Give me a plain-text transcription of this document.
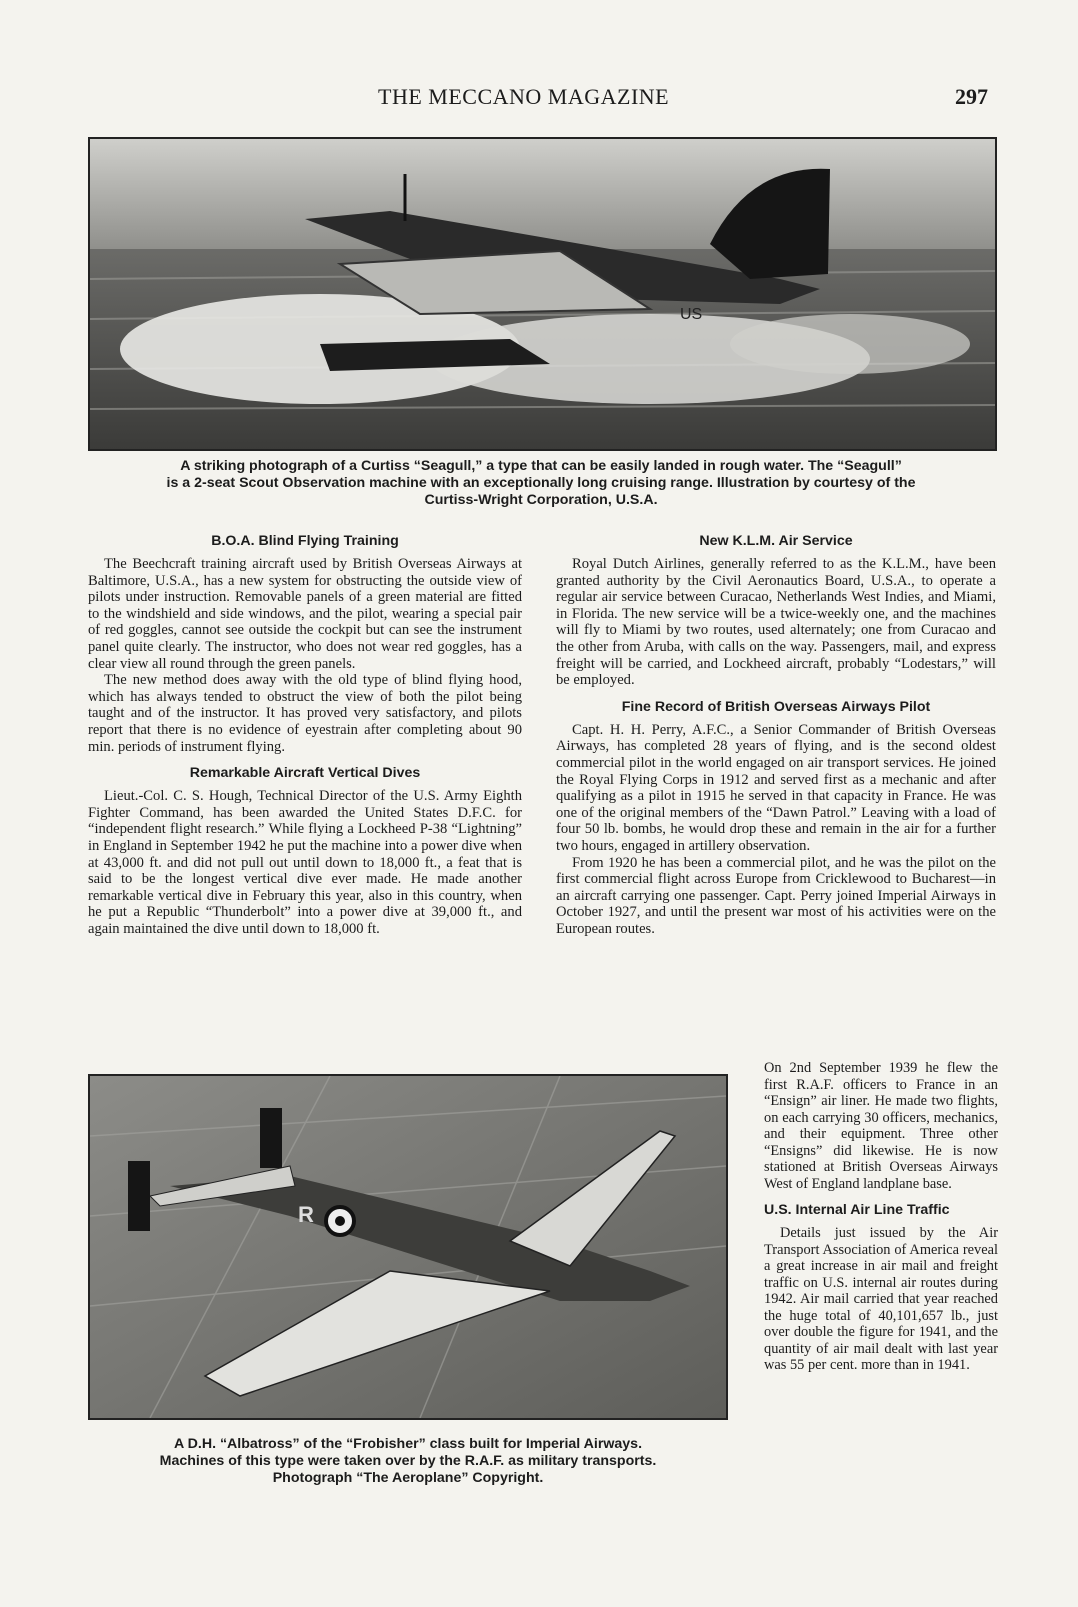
THE MECCANO MAGAZINE	297
US

A striking photograph of a Curtiss “Seagull,” a type that can be easily landed in rough water. The “Seagull”

is a 2-seat Scout Observation machine with an exceptionally long cruising range. Illustration by courtesy of the

Curtiss-Wright Corporation, U.S.A.

B.O.A. Blind Flying Training

The Beechcraft training aircraft used by British Overseas Airways at Baltimore, U.S.A., has a new system for obstructing the outside view of pilots under instruction. Removable panels of a green material are fitted to the windshield and side windows, and the pilot, wearing a special pair of red goggles, cannot see outside the cockpit but can see the instrument panel quite clearly. The instructor, who does not wear red goggles, has a clear view all round through the green panels.

The new method does away with the old type of blind flying hood, which has always tended to obstruct the view of both the pilot being taught and of the instructor. It has proved very satisfactory, and pilots report that there is no evidence of eyestrain after completing about 90 min. periods of instrument flying.

Remarkable Aircraft Vertical Dives

Lieut.-Col. C. S. Hough, Technical Director of the U.S. Army Eighth Fighter Command, has been awarded the United States D.F.C. for “independent flight research.” While flying a Lockheed P-38 “Lightning” in England in September 1942 he put the machine into a power dive when at 43,000 ft. and did not pull out until down to 18,000 ft., a feat that is said to be the longest vertical dive ever made. He made another remarkable vertical dive in February this year, also in this country, when he put a Republic “Thunderbolt” into a power dive at 39,000 ft., and again maintained the dive until down to 18,000 ft.

New K.L.M. Air Service

Royal Dutch Airlines, generally referred to as the K.L.M., have been granted authority by the Civil Aeronautics Board, U.S.A., to operate a regular air service between Curacao, Netherlands West Indies, and Miami, in Florida. The new service will be a twice-weekly one, and the machines will fly to Miami by two routes, used alternately; one from Curacao and the other from Aruba, with calls on the way. Passengers, mail, and express freight will be carried, and Lockheed aircraft, probably “Lodestars,” will be employed.

Fine Record of British Overseas Airways Pilot

Capt. H. H. Perry, A.F.C., a Senior Commander of British Overseas Airways, has completed 28 years of flying, and is the second oldest commercial pilot in the world engaged on air transport services. He joined the Royal Flying Corps in 1912 and served first as a mechanic and after qualifying as a pilot in 1915 he served in that capacity in France. He was one of the original members of the “Dawn Patrol.” Leaving with a load of four 50 lb. bombs, he would drop these and remain in the air for a further two hours, engaged in artillery observation.

From 1920 he has been a commercial pilot, and he was the pilot on the first commercial flight across Europe from Cricklewood to Bucharest—in an aircraft carrying one passenger. Capt. Perry joined Imperial Airways in October 1927, and until the present war most of his activities were on the European routes.

R

A D.H. “Albatross” of the “Frobisher” class built for Imperial Airways.

Machines of this type were taken over by the R.A.F. as military transports.

Photograph “The Aeroplane” Copyright.

On 2nd September 1939 he flew the first R.A.F. officers to France in an “Ensign” air liner. He made two flights, on each carrying 30 officers, mechanics, and their equipment. Three other “Ensigns” did likewise. He is now stationed at British Overseas Airways West of England landplane base.

U.S. Internal Air Line Traffic

Details just issued by the Air Transport Association of America reveal a great increase in air mail and freight traffic on U.S. internal air routes during 1942. Air mail carried that year reached the huge total of 40,101,657 lb., just over double the figure for 1941, and the quantity of air mail dealt with last year was 55 per cent. more than in 1941.
